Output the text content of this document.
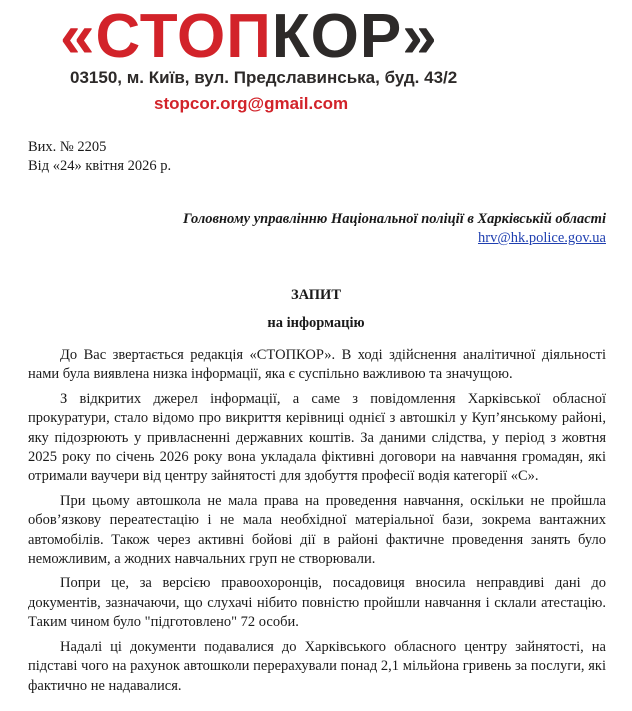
«СТОПКОР»
03150, м. Київ, вул. Предславинська, буд. 43/2
stopcor.org@gmail.com
Вих. № 2205
Від «24» квітня 2026 р.
Головному управлінню Національної поліції в Харківській області
hrv@hk.police.gov.ua
ЗАПИТ
на інформацію

До Вас звертається редакція «СТОПКОР». В ході здійснення аналітичної діяльності нами була виявлена низка інформації, яка є суспільно важливою та значущою.

З відкритих джерел інформації, а саме з повідомлення Харківської обласної прокуратури, стало відомо про викриття керівниці однієї з автошкіл у Куп’янському районі, яку підозрюють у привласненні державних коштів. За даними слідства, у період з жовтня 2025 року по січень 2026 року вона укладала фіктивні договори на навчання громадян, які отримали ваучери від центру зайнятості для здобуття професії водія категорії «С».

При цьому автошкола не мала права на проведення навчання, оскільки не пройшла обов’язкову переатестацію і не мала необхідної матеріальної бази, зокрема вантажних автомобілів. Також через активні бойові дії в районі фактичне проведення занять було неможливим, а жодних навчальних груп не створювали.

Попри це, за версією правоохоронців, посадовиця вносила неправдиві дані до документів, зазначаючи, що слухачі нібито повністю пройшли навчання і склали атестацію. Таким чином було "підготовлено" 72 особи.

Надалі ці документи подавалися до Харківського обласного центру зайнятості, на підставі чого на рахунок автошколи перерахували понад 2,1 мільйона гривень за послуги, які фактично не надавалися.
